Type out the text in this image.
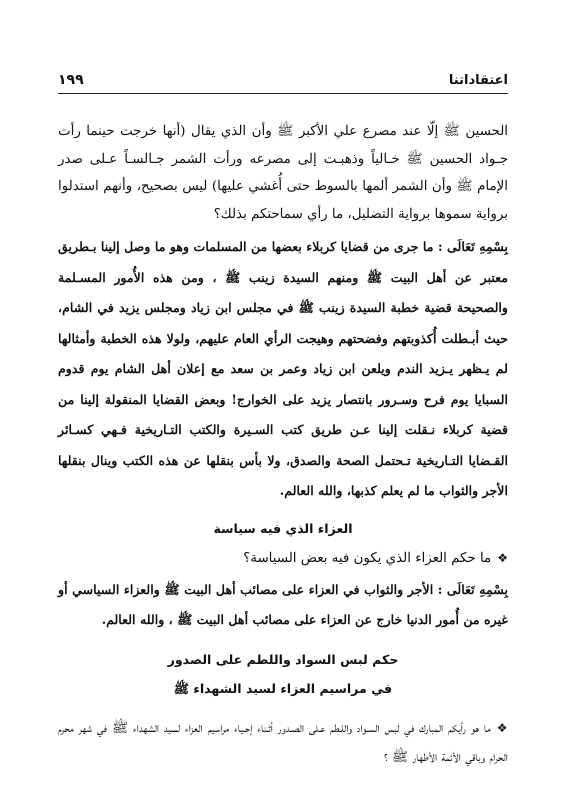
اعتقاداتنا
١٩٩

الحسين ﷺ إلّا عند مصرع علي الأكبر ﷺ وأن الذي يقال (أنها خرجت حينما رأت جـواد الحسين ﷺ خـالياً وذهبـت إلى مصرعه ورأت الشمر جـالسـاً عـلى صدر الإمام ﷺ وأن الشمر ألمها بالسوط حتى أُغشي عليها) ليس بصحيح، وأنهم استدلوا برواية سموها برواية التضليل، ما رأي سماحتكم بذلك؟

بِسْمِهِ تَعَالَى : ما جرى من قضايا كربلاء بعضها من المسلمات وهو ما وصل إلينا بـطريق معتبر عن أهل البيت ﷺ ومنهم السيدة زينب ﷺ ، ومن هذه الأُمور المسـلمة والصحيحة قضية خطبة السيدة زينب ﷺ في مجلس ابن زياد ومجلس يزيد في الشام، حيث أبـطلت أُكذوبتهم وفضحتهم وهيجت الرأي العام عليهم، ولولا هذه الخطبة وأمثالها لم يـظهر يـزيد الندم ويلعن ابن زياد وعمر بن سعد مع إعلان أهل الشام يوم قدوم السبايا يوم فرح وسـرور بانتصار يزيد على الخوارج! وبعض القضايا المنقولة إلينا من قضية كربلاء نـقلت إلينا عـن طريق كتب السـيرة والكتب التـاريخية فـهي كسـائر القـضايا التـاريخية تـحتمل الصحة والصدق، ولا بأس بنقلها عن هذه الكتب وينال بنقلها الأجر والثواب ما لم يعلم كذبها، والله العالم.

العزاء الذي فيه سياسة

❖ما حكم العزاء الذي يكون فيه بعض السياسة؟

بِسْمِهِ تَعَالَى : الأجر والثواب في العزاء على مصائب أهل البيت ﷺ والعزاء السياسي أو غيره من أُمور الدنيا خارج عن العزاء على مصائب أهل البيت ﷺ ، والله العالم.

حكم لبس السواد واللطم على الصدور

في مراسيم العزاء لسيد الشهداء ﷺ

❖ما هو رأيكم المبارك في لبس السـواد واللـطم عـلى الصـدور أثـناء إحـياء مراسيم العزاء لسيد الشهداء ﷺ في شهر محرم الحرام وباقي الأئمة الأطهار ﷺ ؟
